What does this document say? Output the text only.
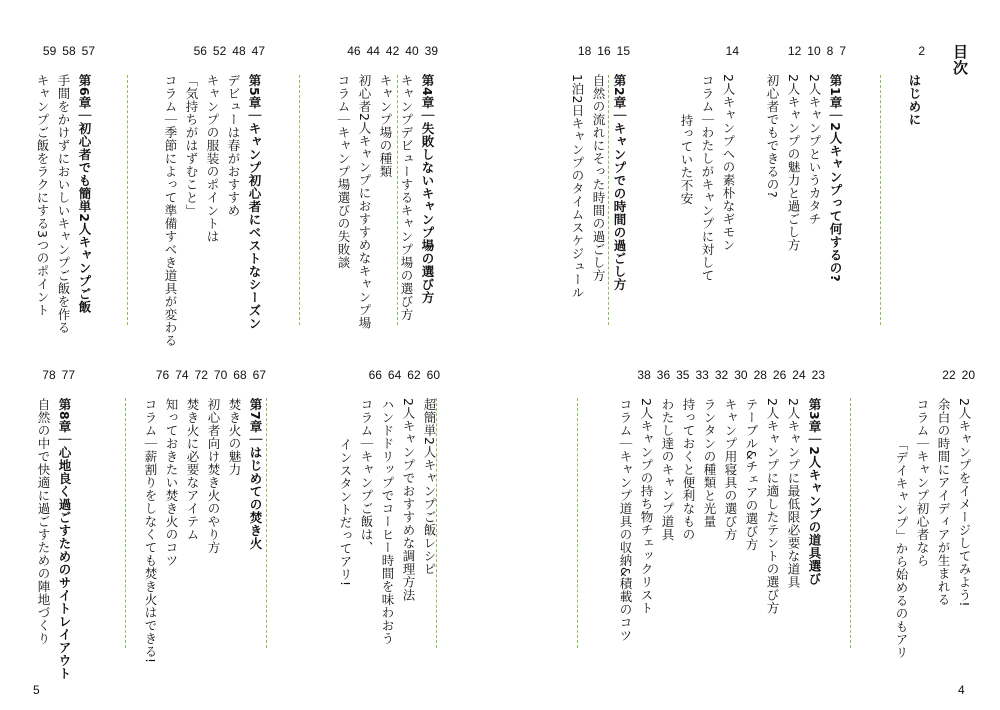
目次
2
はじめに
7
8
10
12
第1章｜2人キャンプって何するの?
2人キャンプというカタチ
2人キャンプの魅力と過ごし方
初心者でもできるの?
14
2人キャンプへの素朴なギモン
コラム｜わたしがキャンプに対して
持っていた不安
15
16
18
第2章｜キャンプでの時間の過ごし方
自然の流れにそった時間の過ごし方
1泊2日キャンプのタイムスケジュール
39
40
42
44
46
第4章｜失敗しないキャンプ場の選び方
キャンプデビューするキャンプ場の選び方
キャンプ場の種類
初心者2人キャンプにおすすめなキャンプ場
コラム｜キャンプ場選びの失敗談
47
48
52
56
第5章｜キャンプ初心者にベストなシーズン
デビューは春がおすすめ
キャンプの服装のポイントは
「気持ちがはずむこと」
コラム｜季節によって準備すべき道具が変わる
57
58
59
第6章｜初心者でも簡単2人キャンプご飯
手間をかけずにおいしいキャンプご飯を作る
キャンプご飯をラクにする3つのポイント
20
22
2人キャンプをイメージしてみよう!
余白の時間にアイディアが生まれる
コラム｜キャンプ初心者なら
「デイキャンプ」から始めるのもアリ
23
24
26
28
30
32
33
35
36
38
第3章｜2人キャンプの道具選び
2人キャンプに最低限必要な道具
2人キャンプに適したテントの選び方
テーブル&チェアの選び方
キャンプ用寝具の選び方
ランタンの種類と光量
持っておくと便利なもの
わたし達のキャンプ道具
2人キャンプの持ち物チェックリスト
コラム｜キャンプ道具の収納&積載のコツ
60
62
64
66
超簡単2人キャンプご飯レシピ
2人キャンプでおすすめな調理方法
ハンドドリップでコーヒー時間を味わおう
コラム｜キャンプご飯は、
インスタントだってアリ!
67
68
70
72
74
76
第7章｜はじめての焚き火
焚き火の魅力
初心者向け焚き火のやり方
焚き火に必要なアイテム
知っておきたい焚き火のコツ
コラム｜薪割りをしなくても焚き火はできる!
77
78
第8章｜心地良く過ごすためのサイトレイアウト
自然の中で快適に過ごすための陣地づくり
5	4
